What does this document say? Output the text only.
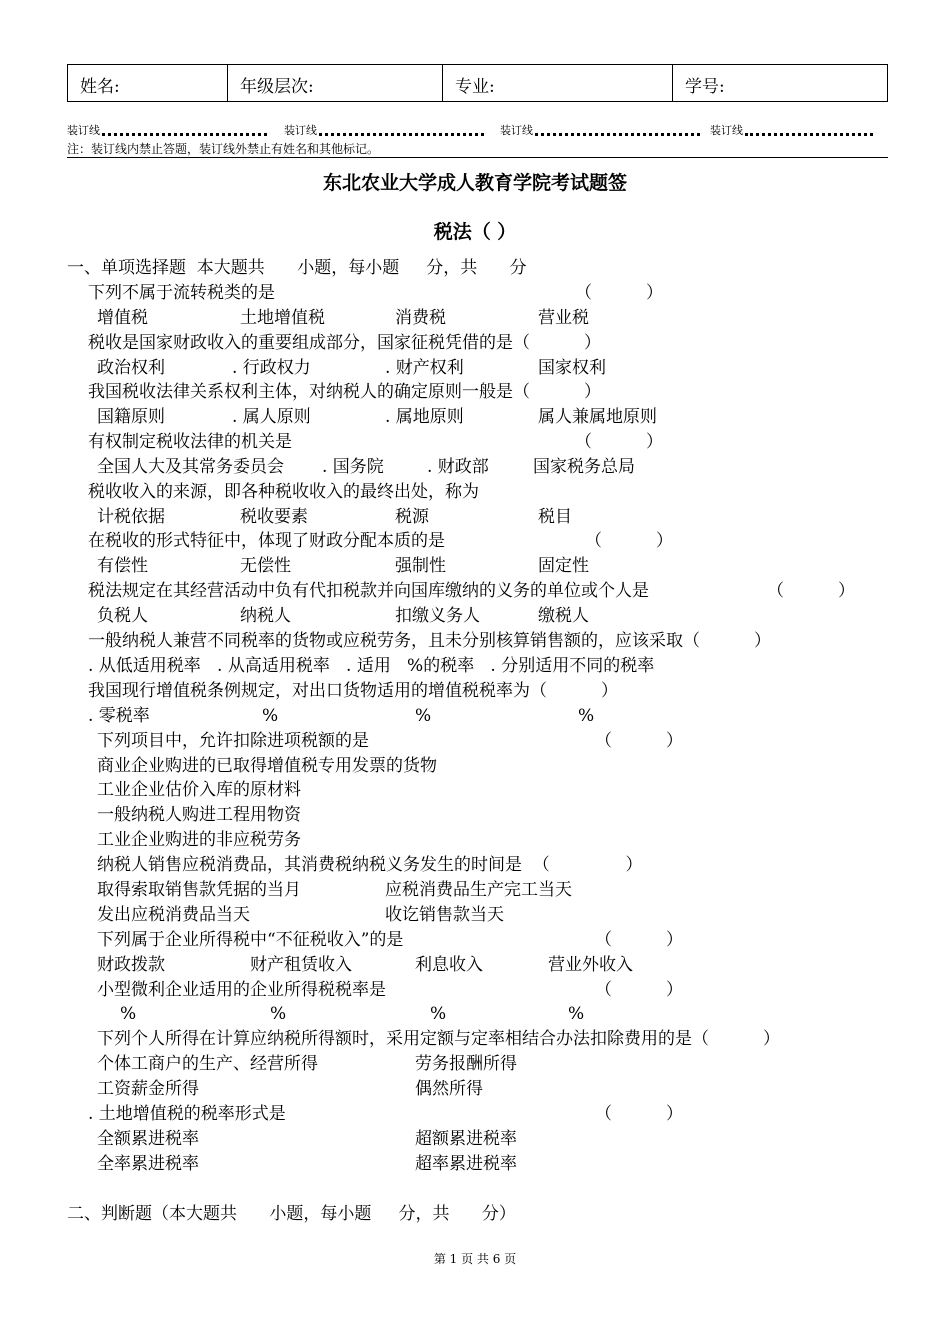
姓名:	年级层次:	专业:	学号:
装订线	装订线	装订线	装订线
注：装订线内禁止答题，装订线外禁止有姓名和其他标记。
东北农业大学成人教育学院考试题签
税法（ ）
一、单项选择题  本大题共      小题，每小题     分，共      分
下列不属于流转税类的是	（          ）
增值税	土地增值税	消费税	营业税
税收是国家财政收入的重要组成部分，国家征税凭借的是（          ）
政治权利	. 行政权力	. 财产权利	国家权利
我国税收法律关系权利主体，对纳税人的确定原则一般是（          ）
国籍原则	. 属人原则	. 属地原则	属人兼属地原则
有权制定税收法律的机关是	（          ）
全国人大及其常务委员会 . 国务院	. 财政部	国家税务总局
税收收入的来源，即各种税收收入的最终出处，称为
计税依据	税收要素	税源	税目
在税收的形式特征中，体现了财政分配本质的是	（          ）
有偿性	无偿性	强制性	固定性
税法规定在其经营活动中负有代扣税款并向国库缴纳的义务的单位或个人是	（          ）
负税人	纳税人	扣缴义务人	缴税人
一般纳税人兼营不同税率的货物或应税劳务，且未分别核算销售额的，应该采取（          ）
. 从低适用税率   . 从高适用税率   . 适用   %的税率   . 分别适用不同的税率
我国现行增值税条例规定，对出口货物适用的增值税税率为（          ）
. 零税率	%	%	%
下列项目中，允许扣除进项税额的是	（          ）
商业企业购进的已取得增值税专用发票的货物
工业企业估价入库的原材料
一般纳税人购进工程用物资
工业企业购进的非应税劳务
纳税人销售应税消费品，其消费税纳税义务发生的时间是  （              ）
取得索取销售款凭据的当月	应税消费品生产完工当天
发出应税消费品当天	收讫销售款当天
下列属于企业所得税中“不征税收入”的是	（          ）
财政拨款	财产租赁收入	利息收入	营业外收入
小型微利企业适用的企业所得税税率是	（          ）
%	%	%	%
下列个人所得在计算应纳税所得额时，采用定额与定率相结合办法扣除费用的是（          ）
个体工商户的生产、经营所得	劳务报酬所得
工资薪金所得	偶然所得
. 土地增值税的税率形式是	（          ）
全额累进税率	超额累进税率
全率累进税率	超率累进税率
二、判断题（本大题共      小题，每小题     分，共      分）
第 1 页 共 6 页
